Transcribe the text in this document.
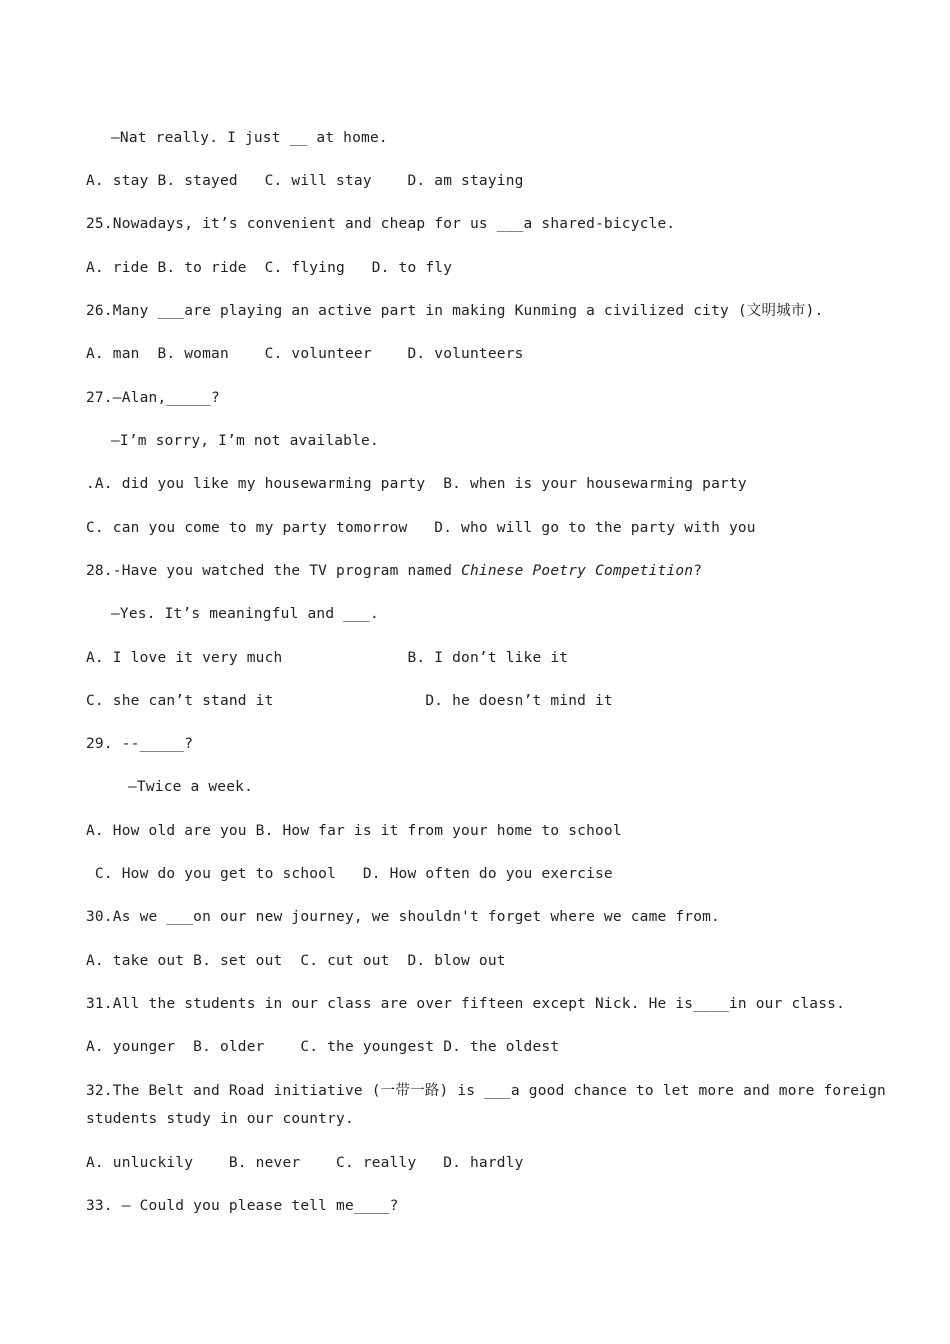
—Nat really. I just __ at home.
A. stay B. stayed   C. will stay    D. am staying
25.Nowadays, it’s convenient and cheap for us ___a shared-bicycle.
A. ride B. to ride  C. flying   D. to fly
26.Many ___are playing an active part in making Kunming a civilized city (文明城市).
A. man  B. woman    C. volunteer    D. volunteers
27.—Alan,_____?
—I’m sorry, I’m not available.
.A. did you like my housewarming party  B. when is your housewarming party
C. can you come to my party tomorrow   D. who will go to the party with you
28.-Have you watched the TV program named Chinese Poetry Competition?
—Yes. It’s meaningful and ___.
A. I love it very much              B. I don’t like it
C. she can’t stand it                 D. he doesn’t mind it
29. --_____?
—Twice a week.
A. How old are you B. How far is it from your home to school
C. How do you get to school   D. How often do you exercise
30.As we ___on our new journey, we shouldn't forget where we came from.
A. take out B. set out  C. cut out  D. blow out
31.All the students in our class are over fifteen except Nick. He is____in our class.
A. younger  B. older    C. the youngest D. the oldest
32.The Belt and Road initiative (一带一路) is ___a good chance to let more and more foreign
students study in our country.
A. unluckily    B. never    C. really   D. hardly
33. — Could you please tell me____?
